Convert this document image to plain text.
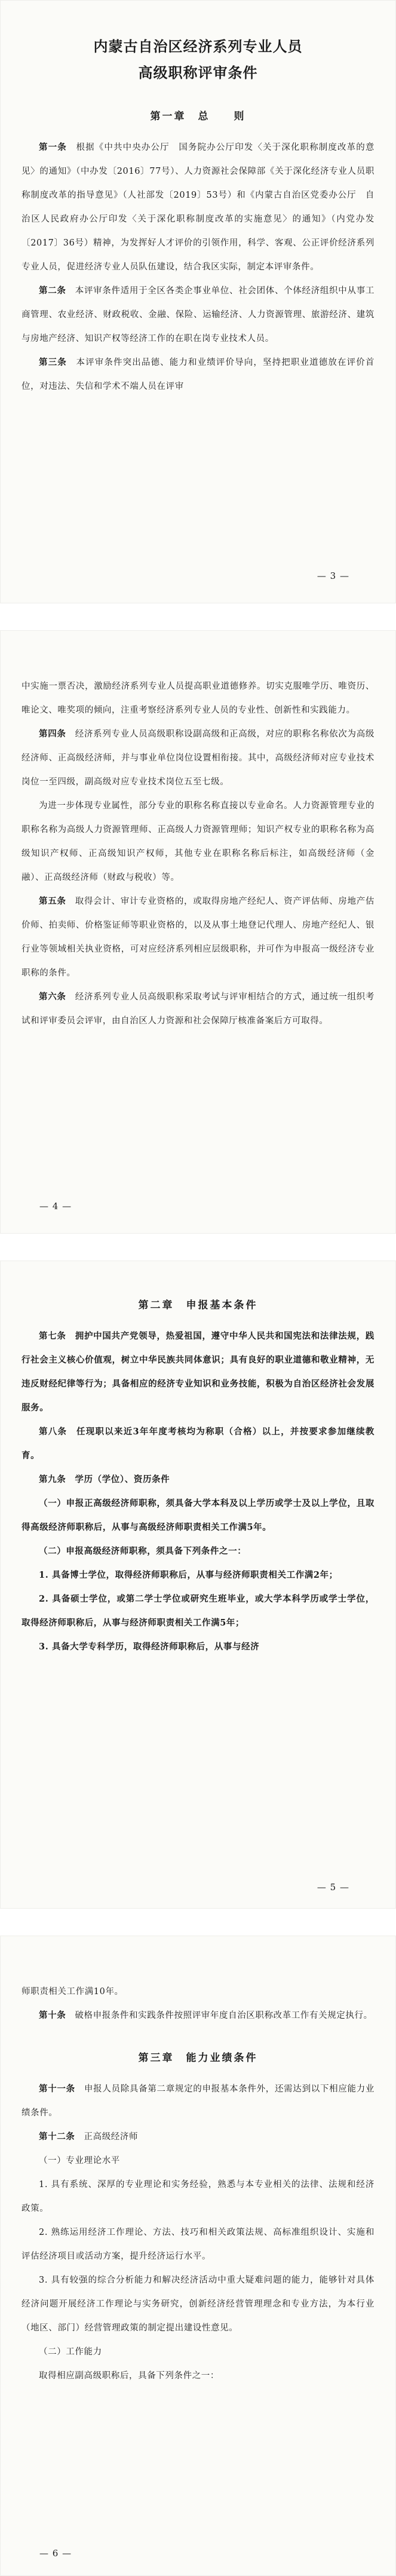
内蒙古自治区经济系列专业人员
高级职称评审条件
第一章　总　　则

第一条　根据《中共中央办公厅　国务院办公厅印发〈关于深化职称制度改革的意见〉的通知》（中办发〔2016〕77号）、人力资源社会保障部《关于深化经济专业人员职称制度改革的指导意见》（人社部发〔2019〕53号）和《内蒙古自治区党委办公厅　自治区人民政府办公厅印发〈关于深化职称制度改革的实施意见〉的通知》（内党办发〔2017〕36号）精神，为发挥好人才评价的引领作用，科学、客观、公正评价经济系列专业人员，促进经济专业人员队伍建设，结合我区实际，制定本评审条件。

第二条　本评审条件适用于全区各类企事业单位、社会团体、个体经济组织中从事工商管理、农业经济、财政税收、金融、保险、运输经济、人力资源管理、旅游经济、建筑与房地产经济、知识产权等经济工作的在职在岗专业技术人员。

第三条　本评审条件突出品德、能力和业绩评价导向，坚持把职业道德放在评价首位，对违法、失信和学术不端人员在评审

— 3 —

中实施一票否决，激励经济系列专业人员提高职业道德修养。切实克服唯学历、唯资历、唯论文、唯奖项的倾向，注重考察经济系列专业人员的专业性、创新性和实践能力。

第四条　经济系列专业人员高级职称设副高级和正高级，对应的职称名称依次为高级经济师、正高级经济师，并与事业单位岗位设置相衔接。其中，高级经济师对应专业技术岗位一至四级，副高级对应专业技术岗位五至七级。

为进一步体现专业属性，部分专业的职称名称直接以专业命名。人力资源管理专业的职称名称为高级人力资源管理师、正高级人力资源管理师；知识产权专业的职称名称为高级知识产权师、正高级知识产权师，其他专业在职称名称后标注，如高级经济师（金融）、正高级经济师（财政与税收）等。

第五条　取得会计、审计专业资格的，或取得房地产经纪人、资产评估师、房地产估价师、拍卖师、价格鉴证师等职业资格的，以及从事土地登记代理人、房地产经纪人、银行业等领域相关执业资格，可对应经济系列相应层级职称，并可作为申报高一级经济专业职称的条件。

第六条　经济系列专业人员高级职称采取考试与评审相结合的方式，通过统一组织考试和评审委员会评审，由自治区人力资源和社会保障厅核准备案后方可取得。

— 4 —
第二章　申报基本条件

第七条　拥护中国共产党领导，热爱祖国，遵守中华人民共和国宪法和法律法规，践行社会主义核心价值观，树立中华民族共同体意识；具有良好的职业道德和敬业精神，无违反财经纪律等行为；具备相应的经济专业知识和业务技能，积极为自治区经济社会发展服务。

第八条　任现职以来近3年年度考核均为称职（合格）以上，并按要求参加继续教育。

第九条　学历（学位）、资历条件

（一）申报正高级经济师职称，须具备大学本科及以上学历或学士及以上学位，且取得高级经济师职称后，从事与高级经济师职责相关工作满5年。

（二）申报高级经济师职称，须具备下列条件之一：

1. 具备博士学位，取得经济师职称后，从事与经济师职责相关工作满2年；

2. 具备硕士学位，或第二学士学位或研究生班毕业，或大学本科学历或学士学位，取得经济师职称后，从事与经济师职责相关工作满5年；

3. 具备大学专科学历，取得经济师职称后，从事与经济

— 5 —

师职责相关工作满10年。

第十条　破格申报条件和实践条件按照评审年度自治区职称改革工作有关规定执行。

第三章　能力业绩条件

第十一条　申报人员除具备第二章规定的申报基本条件外，还需达到以下相应能力业绩条件。

第十二条　正高级经济师

（一）专业理论水平

1. 具有系统、深厚的专业理论和实务经验，熟悉与本专业相关的法律、法规和经济政策。

2. 熟练运用经济工作理论、方法、技巧和相关政策法规、高标准组织设计、实施和评估经济项目或活动方案，提升经济运行水平。

3. 具有较强的综合分析能力和解决经济活动中重大疑难问题的能力，能够针对具体经济问题开展经济工作理论与实务研究，创新经济经营管理理念和专业方法，为本行业（地区、部门）经营管理政策的制定提出建设性意见。

（二）工作能力

取得相应副高级职称后，具备下列条件之一：

— 6 —
